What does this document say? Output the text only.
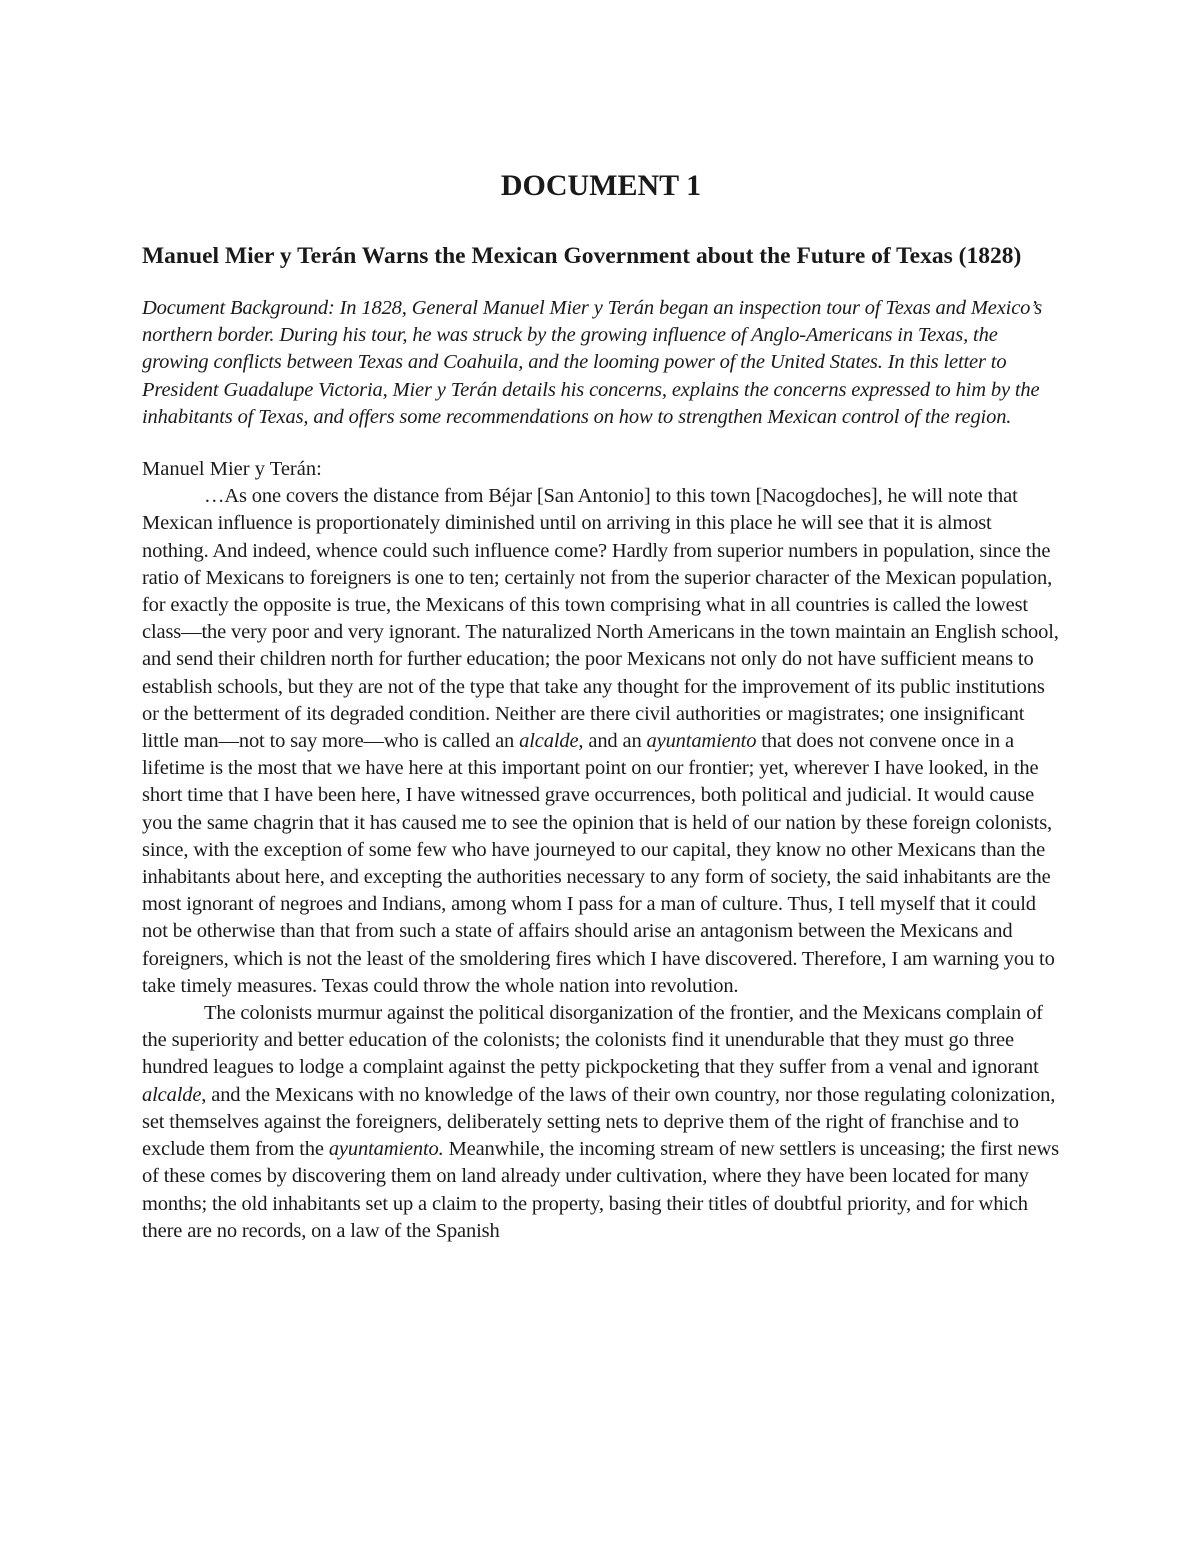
DOCUMENT 1
Manuel Mier y Terán Warns the Mexican Government about the Future of Texas (1828)

Document Background: In 1828, General Manuel Mier y Terán began an inspection tour of Texas and Mexico’s northern border. During his tour, he was struck by the growing influence of Anglo-Americans in Texas, the growing conflicts between Texas and Coahuila, and the looming power of the United States. In this letter to President Guadalupe Victoria, Mier y Terán details his concerns, explains the concerns expressed to him by the inhabitants of Texas, and offers some recommendations on how to strengthen Mexican control of the region.

Manuel Mier y Terán:

…As one covers the distance from Béjar [San Antonio] to this town [Nacogdoches], he will note that Mexican influence is proportionately diminished until on arriving in this place he will see that it is almost nothing. And indeed, whence could such influence come? Hardly from superior numbers in population, since the ratio of Mexicans to foreigners is one to ten; certainly not from the superior character of the Mexican population, for exactly the opposite is true, the Mexicans of this town comprising what in all countries is called the lowest class—the very poor and very ignorant. The naturalized North Americans in the town maintain an English school, and send their children north for further education; the poor Mexicans not only do not have sufficient means to establish schools, but they are not of the type that take any thought for the improvement of its public institutions or the betterment of its degraded condition. Neither are there civil authorities or magistrates; one insignificant little man—not to say more—who is called an alcalde, and an ayuntamiento that does not convene once in a lifetime is the most that we have here at this important point on our frontier; yet, wherever I have looked, in the short time that I have been here, I have witnessed grave occurrences, both political and judicial. It would cause you the same chagrin that it has caused me to see the opinion that is held of our nation by these foreign colonists, since, with the exception of some few who have journeyed to our capital, they know no other Mexicans than the inhabitants about here, and excepting the authorities necessary to any form of society, the said inhabitants are the most ignorant of negroes and Indians, among whom I pass for a man of culture. Thus, I tell myself that it could not be otherwise than that from such a state of affairs should arise an antagonism between the Mexicans and foreigners, which is not the least of the smoldering fires which I have discovered. Therefore, I am warning you to take timely measures. Texas could throw the whole nation into revolution.

The colonists murmur against the political disorganization of the frontier, and the Mexicans complain of the superiority and better education of the colonists; the colonists find it unendurable that they must go three hundred leagues to lodge a complaint against the petty pickpocketing that they suffer from a venal and ignorant alcalde, and the Mexicans with no knowledge of the laws of their own country, nor those regulating colonization, set themselves against the foreigners, deliberately setting nets to deprive them of the right of franchise and to exclude them from the ayuntamiento. Meanwhile, the incoming stream of new settlers is unceasing; the first news of these comes by discovering them on land already under cultivation, where they have been located for many months; the old inhabitants set up a claim to the property, basing their titles of doubtful priority, and for which there are no records, on a law of the Spanish
